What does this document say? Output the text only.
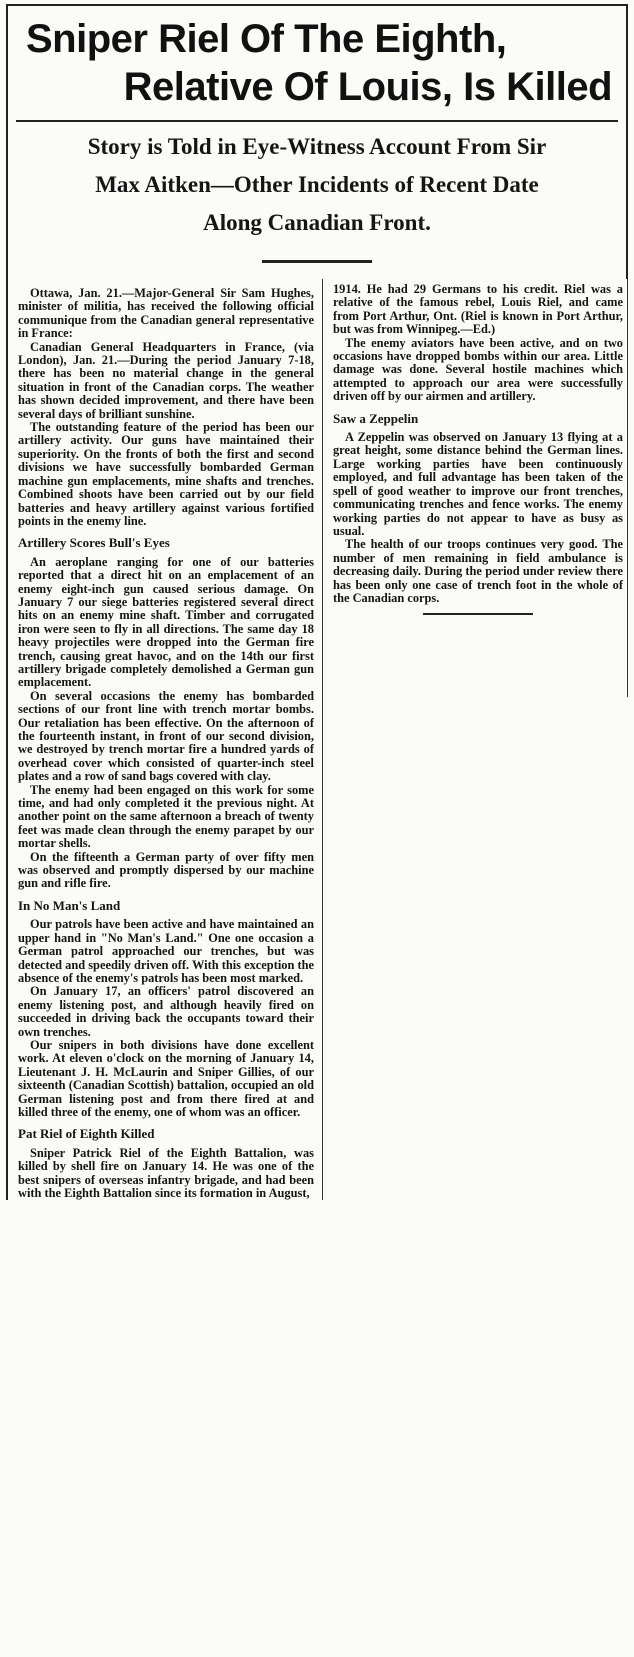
Sniper Riel Of The Eighth,
Relative Of Louis, Is Killed
Story is Told in Eye-Witness Account From Sir
Max Aitken—Other Incidents of Recent Date
Along Canadian Front.

Ottawa, Jan. 21.—Major-General Sir Sam Hughes, minister of militia, has received the following official communique from the Canadian general representative in France:

Canadian General Headquarters in France, (via London), Jan. 21.—During the period January 7-18, there has been no material change in the general situation in front of the Canadian corps. The weather has shown decided improvement, and there have been several days of brilliant sunshine.

The outstanding feature of the period has been our artillery activity. Our guns have maintained their superiority. On the fronts of both the first and second divisions we have successfully bombarded German machine gun emplacements, mine shafts and trenches. Combined shoots have been carried out by our field batteries and heavy artillery against various fortified points in the enemy line.

Artillery Scores Bull's Eyes

An aeroplane ranging for one of our batteries reported that a direct hit on an emplacement of an enemy eight-inch gun caused serious damage. On January 7 our siege batteries registered several direct hits on an enemy mine shaft. Timber and corrugated iron were seen to fly in all directions. The same day 18 heavy projectiles were dropped into the German fire trench, causing great havoc, and on the 14th our first artillery brigade completely demolished a German gun emplacement.

On several occasions the enemy has bombarded sections of our front line with trench mortar bombs. Our retaliation has been effective. On the afternoon of the fourteenth instant, in front of our second division, we destroyed by trench mortar fire a hundred yards of overhead cover which consisted of quarter-inch steel plates and a row of sand bags covered with clay.

The enemy had been engaged on this work for some time, and had only completed it the previous night. At another point on the same afternoon a breach of twenty feet was made clean through the enemy parapet by our mortar shells.

On the fifteenth a German party of over fifty men was observed and promptly dispersed by our machine gun and rifle fire.

In No Man's Land

Our patrols have been active and have maintained an upper hand in "No Man's Land." One one occasion a German patrol approached our trenches, but was detected and speedily driven off. With this exception the absence of the enemy's patrols has been most marked.

On January 17, an officers' patrol discovered an enemy listening post, and although heavily fired on succeeded in driving back the occupants toward their own trenches.

Our snipers in both divisions have done excellent work. At eleven o'clock on the morning of January 14, Lieutenant J. H. McLaurin and Sniper Gillies, of our sixteenth (Canadian Scottish) battalion, occupied an old German listening post and from there fired at and killed three of the enemy, one of whom was an officer.

Pat Riel of Eighth Killed

Sniper Patrick Riel of the Eighth Battalion, was killed by shell fire on January 14. He was one of the best snipers of overseas infantry brigade, and had been with the Eighth Battalion since its formation in August,

1914. He had 29 Germans to his credit. Riel was a relative of the famous rebel, Louis Riel, and came from Port Arthur, Ont. (Riel is known in Port Arthur, but was from Winnipeg.—Ed.)

The enemy aviators have been active, and on two occasions have dropped bombs within our area. Little damage was done. Several hostile machines which attempted to approach our area were successfully driven off by our airmen and artillery.

Saw a Zeppelin

A Zeppelin was observed on January 13 flying at a great height, some distance behind the German lines. Large working parties have been continuously employed, and full advantage has been taken of the spell of good weather to improve our front trenches, communicating trenches and fence works. The enemy working parties do not appear to have as busy as usual.

The health of our troops continues very good. The number of men remaining in field ambulance is decreasing daily. During the period under review there has been only one case of trench foot in the whole of the Canadian corps.
